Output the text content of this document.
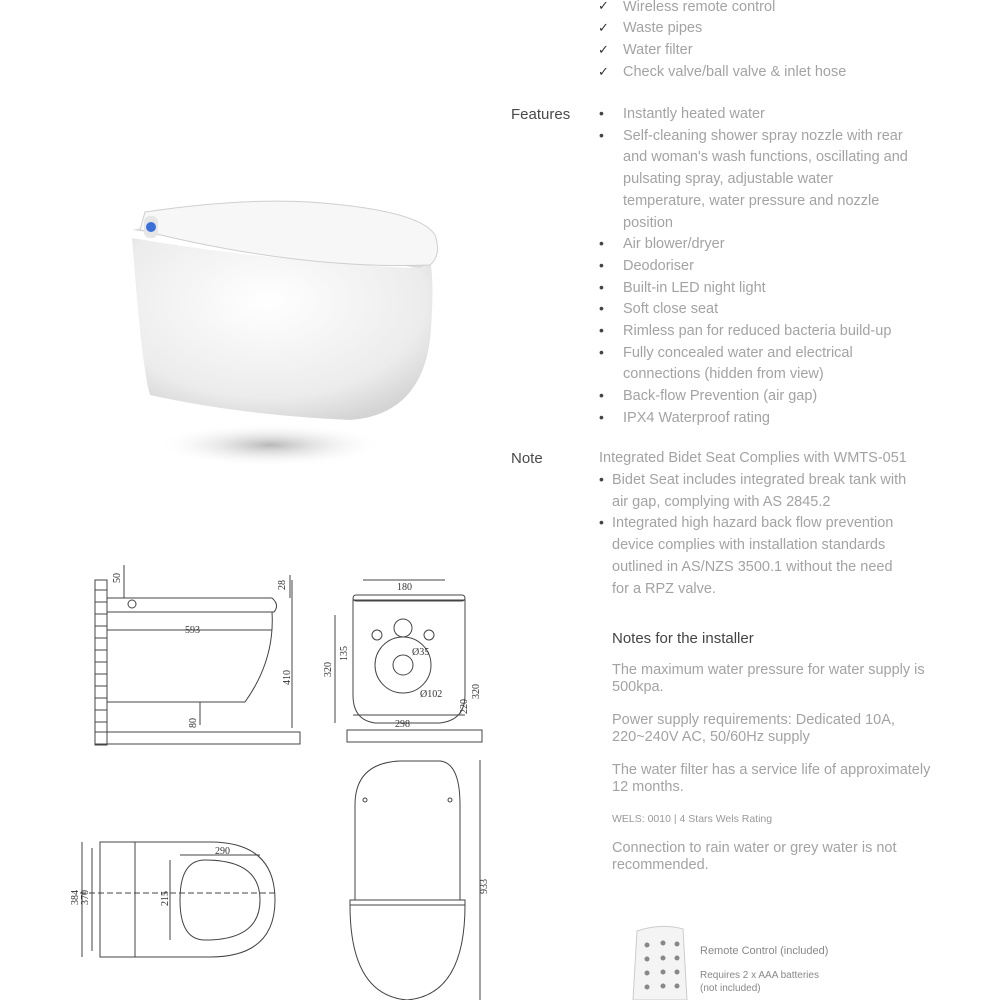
✓ Wireless remote control
✓ Waste pipes
✓ Water filter
✓ Check valve/ball valve & inlet hose
Features • Instantly heated water
• Self-cleaning shower spray nozzle with rear
and woman's wash functions, oscillating and
pulsating spray, adjustable water
temperature, water pressure and nozzle
position
• Air blower/dryer
• Deodoriser
• Built-in LED night light
• Soft close seat
• Rimless pan for reduced bacteria build-up
• Fully concealed water and electrical
connections (hidden from view)
• Back-flow Prevention (air gap)
• IPX4 Waterproof rating
Note	Integrated Bidet Seat Complies with WMTS-051
• Bidet Seat includes integrated break tank with
air gap, complying with AS 2845.2
• Integrated high hazard back flow prevention
device complies with installation standards
outlined in AS/NZS 3500.1 without the need
for a RPZ valve.
Notes for the installer
The maximum water pressure for water supply is 500kpa.
Power supply requirements: Dedicated 10A, 220~240V AC, 50/60Hz supply
The water filter has a service life of approximately 12 months.
WELS: 0010 | 4 Stars Wels Rating
Connection to rain water or grey water is not recommended.
Remote Control (included)
Requires 2 x AAA batteries
(not included)
50
28
593
410
80
180
320
135	Ø35
Ø102
220
320
298
933
290
215
384 370
